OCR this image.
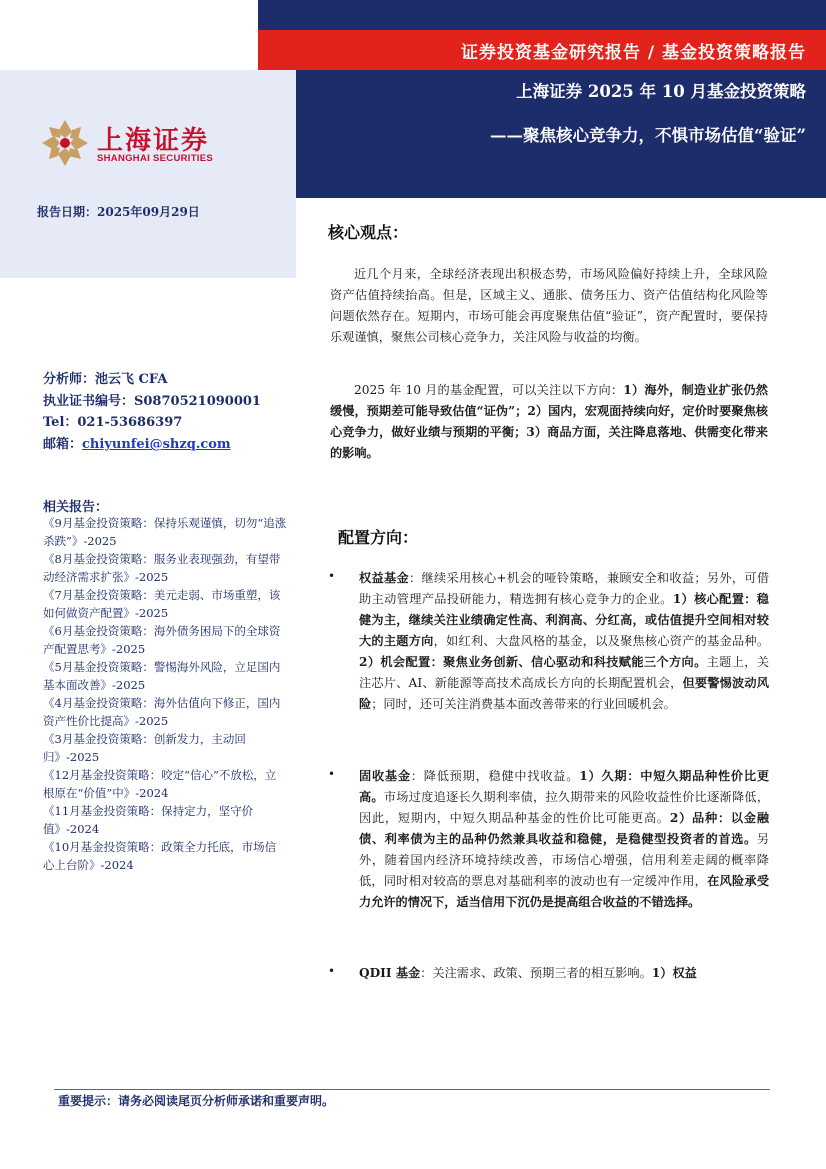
证券投资基金研究报告 / 基金投资策略报告
上海证券 2025 年 10 月基金投资策略
——聚焦核心竞争力，不惧市场估值“验证”
上海证券
SHANGHAI SECURITIES
报告日期：2025年09月29日
分析师：池云飞 CFA
执业证书编号：S0870521090001
Tel：021-53686397
邮箱：chiyunfei@shzq.com
相关报告：
《9月基金投资策略：保持乐观谨慎，切勿“追涨杀跌”》-2025
《8月基金投资策略：服务业表现强劲，有望带动经济需求扩张》-2025
《7月基金投资策略：美元走弱、市场重塑，该如何做资产配置》-2025
《6月基金投资策略：海外债务困局下的全球资产配置思考》-2025
《5月基金投资策略：警惕海外风险，立足国内基本面改善》-2025
《4月基金投资策略：海外估值向下修正，国内资产性价比提高》-2025
《3月基金投资策略：创新发力，主动回归》-2025
《12月基金投资策略：咬定“信心”不放松，立根原在“价值”中》-2024
《11月基金投资策略：保持定力，坚守价值》-2024
《10月基金投资策略：政策全力托底，市场信心上台阶》-2024
核心观点：
近几个月来，全球经济表现出积极态势，市场风险偏好持续上升，全球风险资产估值持续抬高。但是，区域主义、通胀、债务压力、资产估值结构化风险等问题依然存在。短期内，市场可能会再度聚焦估值“验证”，资产配置时，要保持乐观谨慎，聚焦公司核心竞争力，关注风险与收益的均衡。
2025 年 10 月的基金配置，可以关注以下方向：1）海外，制造业扩张仍然缓慢，预期差可能导致估值“证伪”；2）国内，宏观面持续向好，定价时要聚焦核心竞争力，做好业绩与预期的平衡；3）商品方面，关注降息落地、供需变化带来的影响。
配置方向：
• 权益基金：继续采用核心+机会的哑铃策略，兼顾安全和收益；另外，可借助主动管理产品投研能力，精选拥有核心竞争力的企业。1）核心配置：稳健为主，继续关注业绩确定性高、利润高、分红高，或估值提升空间相对较大的主题方向，如红利、大盘风格的基金，以及聚焦核心资产的基金品种。2）机会配置：聚焦业务创新、信心驱动和科技赋能三个方向。主题上，关注芯片、AI、新能源等高技术高成长方向的长期配置机会，但要警惕波动风险；同时，还可关注消费基本面改善带来的行业回暖机会。
• 固收基金：降低预期，稳健中找收益。1）久期：中短久期品种性价比更高。市场过度追逐长久期利率债，拉久期带来的风险收益性价比逐渐降低，因此，短期内，中短久期品种基金的性价比可能更高。2）品种：以金融债、利率债为主的品种仍然兼具收益和稳健，是稳健型投资者的首选。另外，随着国内经济环境持续改善，市场信心增强，信用利差走阔的概率降低，同时相对较高的票息对基础利率的波动也有一定缓冲作用，在风险承受力允许的情况下，适当信用下沉仍是提高组合收益的不错选择。
• QDII 基金：关注需求、政策、预期三者的相互影响。1）权益
重要提示：请务必阅读尾页分析师承诺和重要声明。
